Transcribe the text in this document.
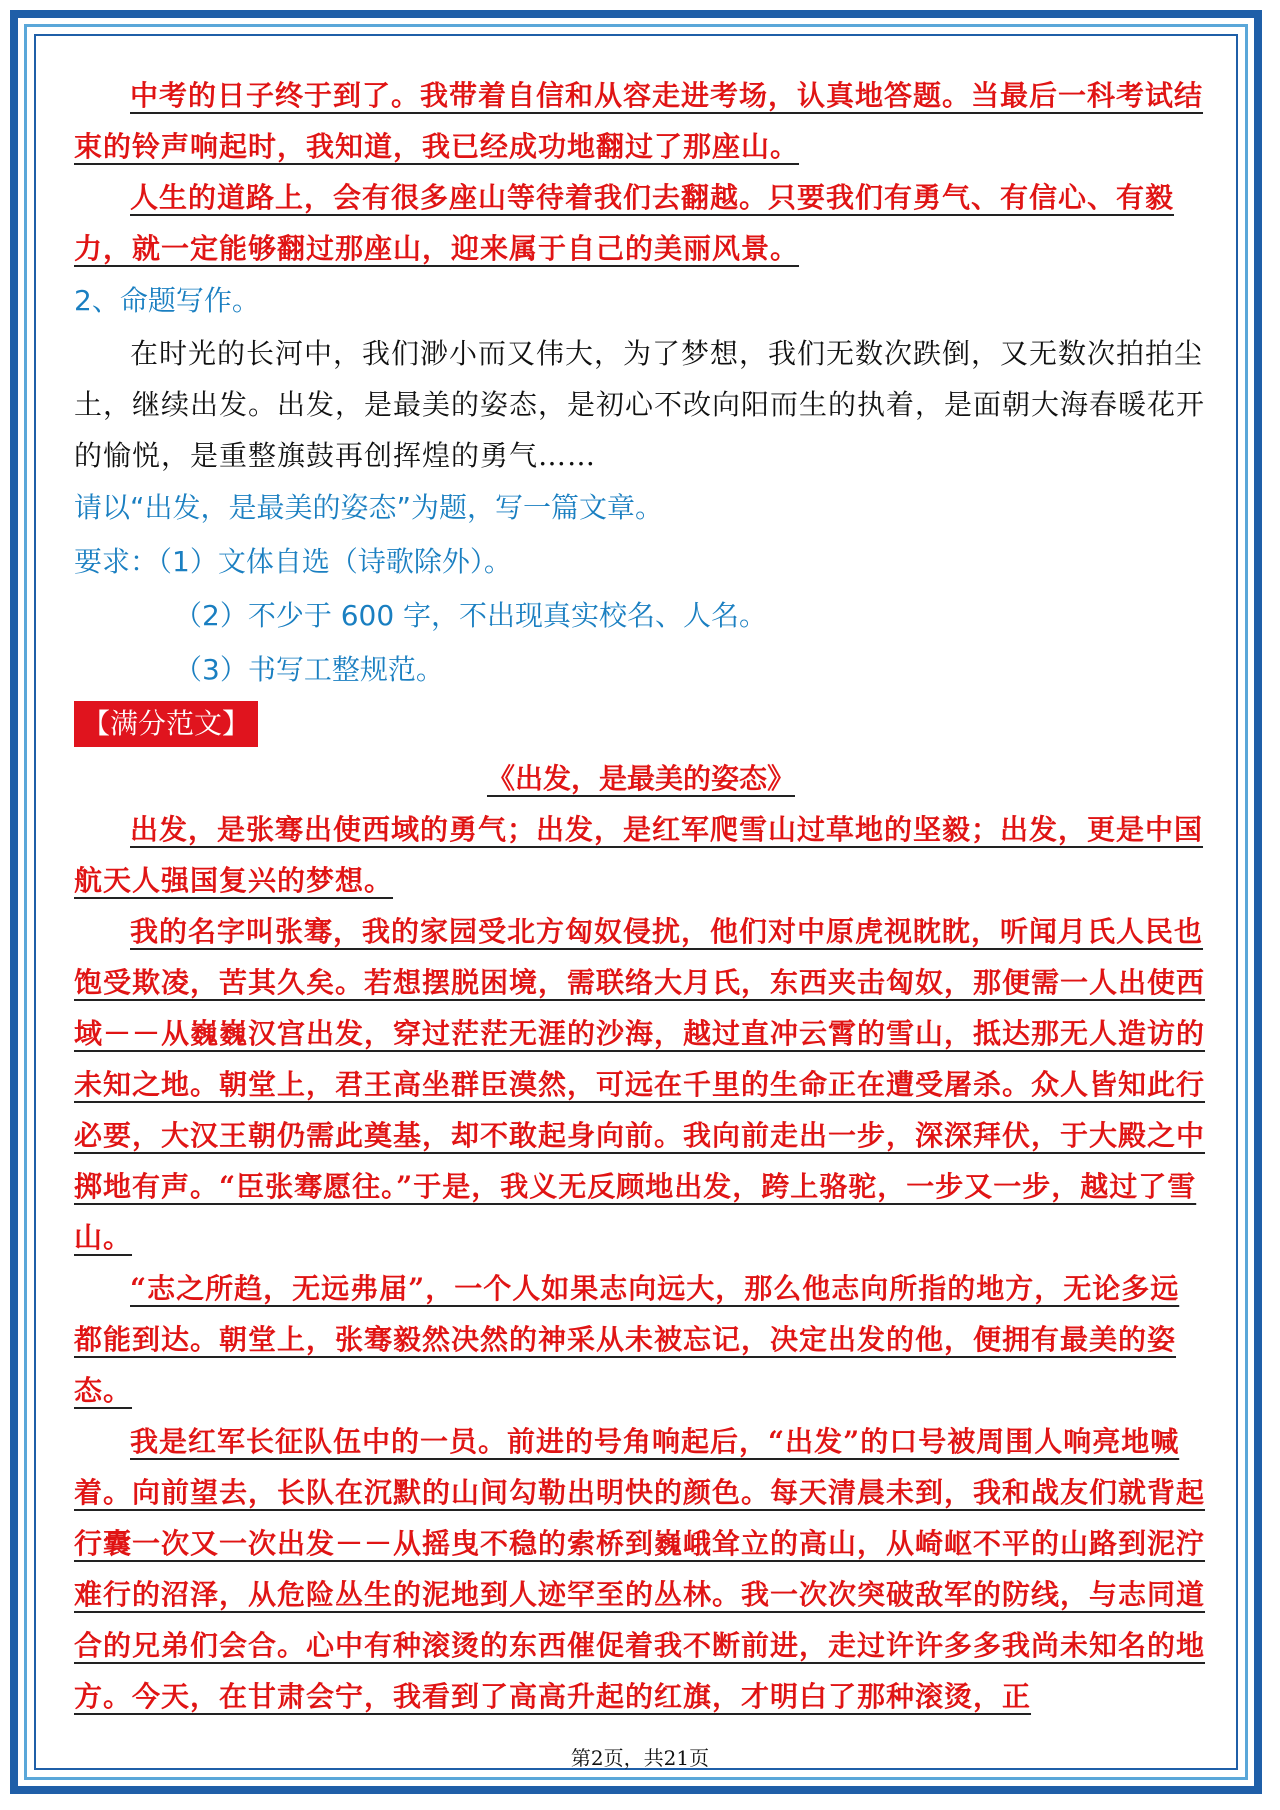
中考的日子终于到了。我带着自信和从容走进考场，认真地答题。当最后一科考试结束的铃声响起时，我知道，我已经成功地翻过了那座山。

人生的道路上，会有很多座山等待着我们去翻越。只要我们有勇气、有信心、有毅力，就一定能够翻过那座山，迎来属于自己的美丽风景。

2、命题写作。

在时光的长河中，我们渺小而又伟大，为了梦想，我们无数次跌倒，又无数次拍拍尘土，继续出发。出发，是最美的姿态，是初心不改向阳而生的执着，是面朝大海春暖花开的愉悦，是重整旗鼓再创挥煌的勇气……

请以“出发，是最美的姿态”为题，写一篇文章。

要求：（1）文体自选（诗歌除外）。

（2）不少于 600 字，不出现真实校名、人名。

（3）书写工整规范。

【满分范文】

《出发，是最美的姿态》

出发，是张骞出使西域的勇气；出发，是红军爬雪山过草地的坚毅；出发，更是中国航天人强国复兴的梦想。

我的名字叫张骞，我的家园受北方匈奴侵扰，他们对中原虎视眈眈，听闻月氏人民也饱受欺凌，苦其久矣。若想摆脱困境，需联络大月氏，东西夹击匈奴，那便需一人出使西域－－从巍巍汉宫出发，穿过茫茫无涯的沙海，越过直冲云霄的雪山，抵达那无人造访的未知之地。朝堂上，君王高坐群臣漠然，可远在千里的生命正在遭受屠杀。众人皆知此行必要，大汉王朝仍需此奠基，却不敢起身向前。我向前走出一步，深深拜伏，于大殿之中掷地有声。“臣张骞愿往。”于是，我义无反顾地出发，跨上骆驼，一步又一步，越过了雪山。

“志之所趋，无远弗届”，一个人如果志向远大，那么他志向所指的地方，无论多远都能到达。朝堂上，张骞毅然决然的神采从未被忘记，决定出发的他，便拥有最美的姿态。

我是红军长征队伍中的一员。前进的号角响起后，“出发”的口号被周围人响亮地喊着。向前望去，长队在沉默的山间勾勒出明快的颜色。每天清晨未到，我和战友们就背起行囊一次又一次出发－－从摇曳不稳的索桥到巍峨耸立的高山，从崎岖不平的山路到泥泞难行的沼泽，从危险丛生的泥地到人迹罕至的丛林。我一次次突破敌军的防线，与志同道合的兄弟们会合。心中有种滚烫的东西催促着我不断前进，走过许许多多我尚未知名的地方。今天，在甘肃会宁，我看到了高高升起的红旗，才明白了那种滚烫，正

第2页，共21页
